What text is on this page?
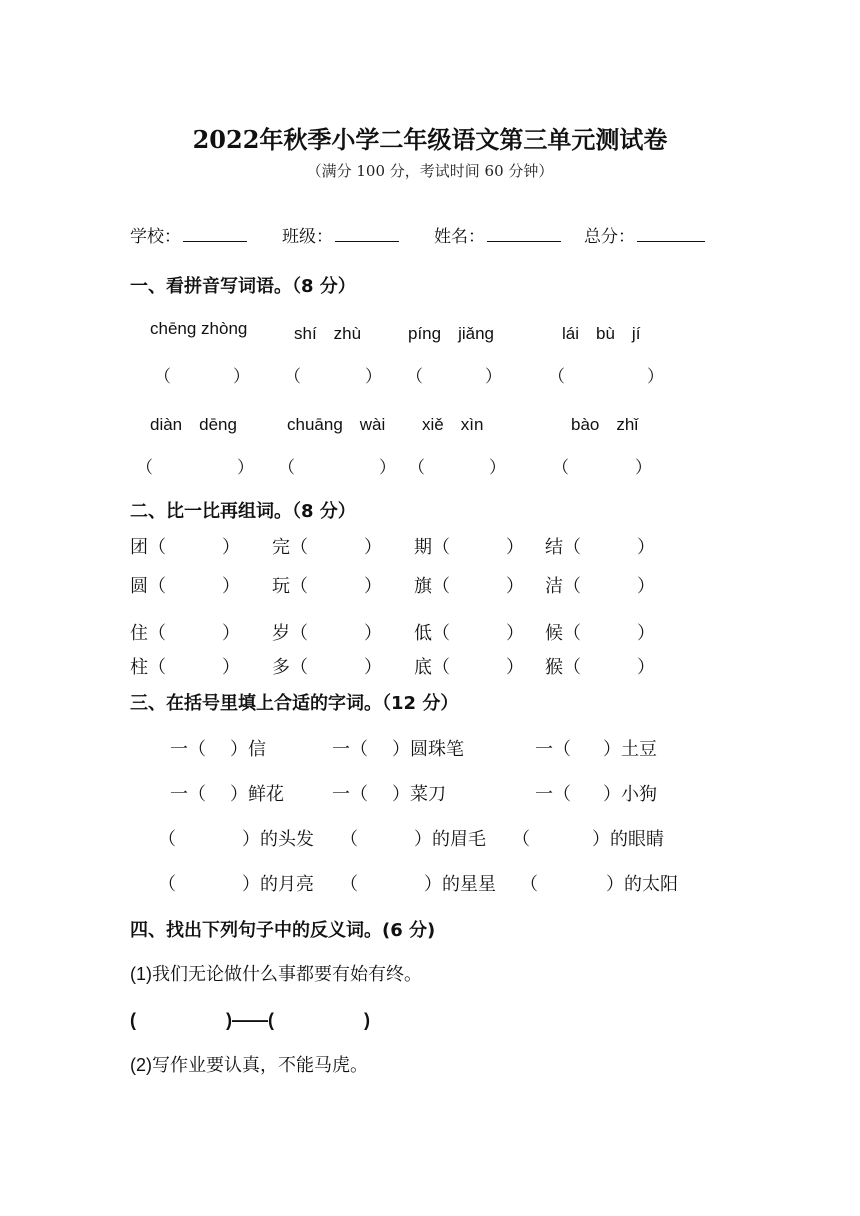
2022年秋季小学二年级语文第三单元测试卷
（满分 100 分，考试时间 60 分钟）
学校：	班级：	姓名：	总分：
一、看拼音写词语。（8 分）
chēng zhòng	shí　zhù	píng　jiǎng	lái　bù　jí
（	） （	） （	）	（	）
diàn　dēng	chuāng　wài xiě　xìn	bào　zhǐ
（	） （	） （	）	（	）
二、比一比再组词。（8 分）
团（	） 完（	） 期（	） 结（	）
圆（	） 玩（	） 旗（	） 洁（	）
住（	） 岁（	） 低（	） 候（	）
柱（	） 多（	） 底（	） 猴（	）
三、在括号里填上合适的字词。（12 分）
一（ ）信	一（ ）圆珠笔	一（ ）土豆
一（ ）鲜花	一（ ）菜刀	一（ ）小狗
（	）的头发 （	）的眉毛 （	）的眼睛
（	）的月亮 （	）的星星 （	）的太阳
四、找出下列句子中的反义词。(6 分)
(1)我们无论做什么事都要有始有终。
(　　　　　)——(　　　　　)
(2)写作业要认真，不能马虎。
